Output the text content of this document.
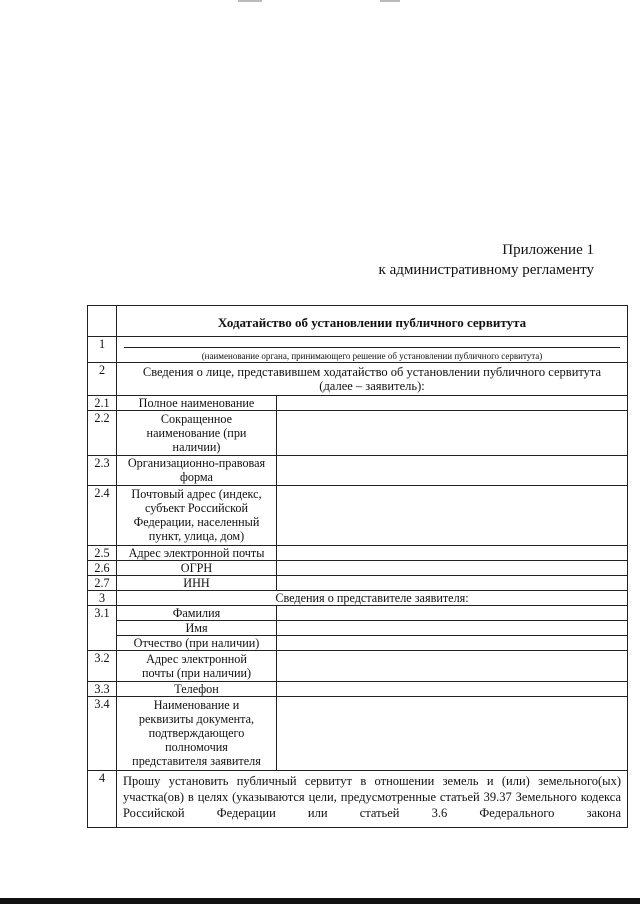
Приложение 1
к административному регламенту
	Ходатайство об установлении публичного сервитута	
1	(наименование органа, принимающего решение об установлении публичного сервитута)	

2	Сведения о лице, представившем ходатайство об установлении публичного сервитута (далее – заявитель):	
2.1	Полное наименование	
2.2	Сокращенное наименование (при наличии)	
2.3	Организационно-правовая форма	
2.4	Почтовый адрес (индекс, субъект Российской Федерации, населенный пункт, улица, дом)	
2.5	Адрес электронной почты	
2.6	ОГРН	
2.7	ИНН	
3	Сведения о представителе заявителя:	
3.1	Фамилия	
	Имя	
	Отчество (при наличии)	
3.2	Адрес электронной почты (при наличии)	
3.3	Телефон	
3.4	Наименование и реквизиты документа, подтверждающего полномочия представителя заявителя	
4	Прошу установить публичный сервитут в отношении земель и (или) земельного(ых) участка(ов) в целях (указываются цели, предусмотренные статьей 39.37 Земельного кодекса Российской Федерации или статьей 3.6 Федерального закона	
